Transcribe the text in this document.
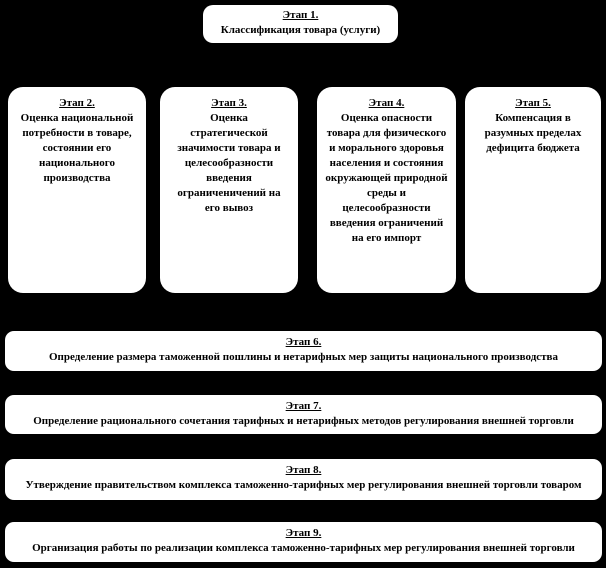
Этап 1.
Классификация товара (услуги)
Этап 2.
Оценка национальной потребности в товаре, состоянии его национального производства
Этап 3.
Оценка стратегической значимости товара и целесообразности введения ограниченичений на его вывоз
Этап 4.
Оценка опасности товара для физического и морального здоровья населения и состояния окружающей природной среды и целесообразности введения ограничений на его импорт
Этап 5.
Компенсация в разумных пределах дефицита бюджета
Этап 6.
Определение размера таможенной пошлины и нетарифных мер защиты национального производства
Этап 7.
Определение рационального сочетания тарифных и нетарифных методов регулирования внешней торговли
Этап 8.
Утверждение правительством комплекса таможенно-тарифных мер регулирования внешней торговли товаром
Этап 9.
Организация работы по реализации комплекса таможенно-тарифных мер регулирования внешней торговли
